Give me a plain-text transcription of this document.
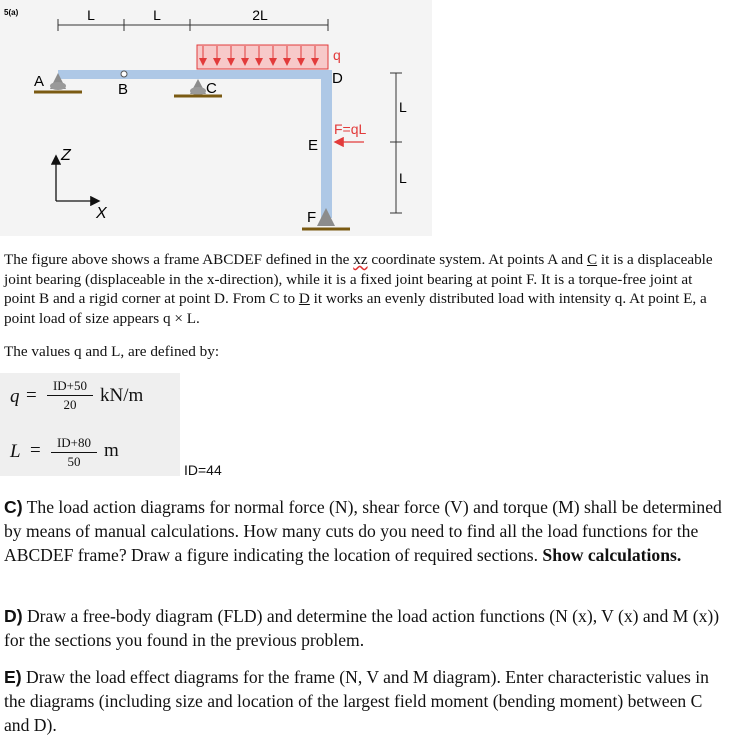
5(a)	L	L	2L
q
A	B	C
D
E
F=qL
F
L
L
Z
X

The figure above shows a frame ABCDEF defined in the xz coordinate system. At points A and C it is a displaceable joint bearing (displaceable in the x-direction), while it is a fixed joint bearing at point F. It is a torque-free joint at point B and a rigid corner at point D. From C to D it works an evenly distributed load with intensity q. At point E, a point load of size appears q × L.

The values q and L, are defined by:

$q = \frac{ID+50}{20} kN/m$
$L = \frac{ID+80}{50}$ m
ID=44

C) The load action diagrams for normal force (N), shear force (V) and torque (M) shall be determined by means of manual calculations. How many cuts do you need to find all the load functions for the ABCDEF frame? Draw a figure indicating the location of required sections. Show calculations.

D) Draw a free-body diagram (FLD) and determine the load action functions (N (x), V (x) and M (x)) for the sections you found in the previous problem.

E) Draw the load effect diagrams for the frame (N, V and M diagram). Enter characteristic values in the diagrams (including size and location of the largest field moment (bending moment) between C and D).
